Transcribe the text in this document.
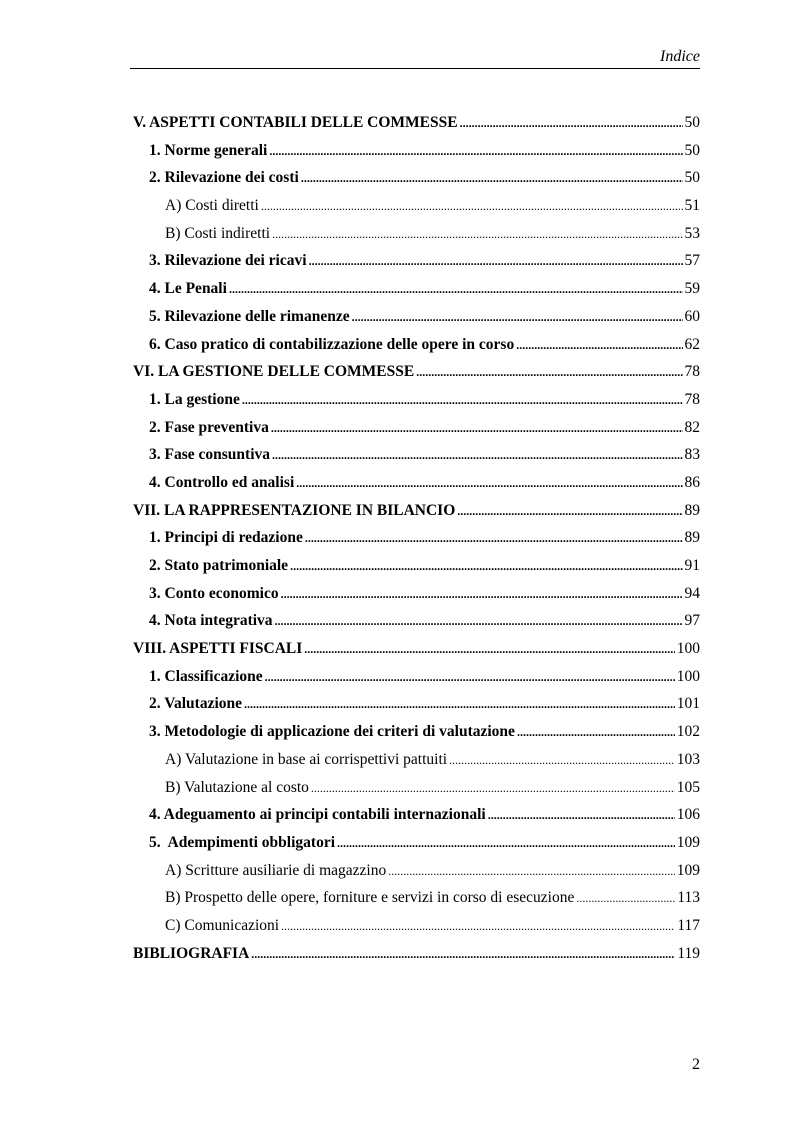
Indice
V. ASPETTI CONTABILI DELLE COMMESSE . . .	50
1. Norme generali . . .	50
2. Rilevazione dei costi . . .	50
A) Costi diretti . . .	51
B) Costi indiretti . . .	53
3. Rilevazione dei ricavi . . .	57
4. Le Penali . . .	59
5. Rilevazione delle rimanenze . . .	60
6. Caso pratico di contabilizzazione delle opere in corso . . .	62
VI. LA GESTIONE DELLE COMMESSE . . .	78
1. La gestione . . .	78
2. Fase preventiva . . .	82
3. Fase consuntiva . . .	83
4. Controllo ed analisi . . .	86
VII. LA RAPPRESENTAZIONE IN BILANCIO . . .	89
1. Principi di redazione . . .	89
2. Stato patrimoniale . . .	91
3. Conto economico . . .	94
4. Nota integrativa . . .	97
VIII. ASPETTI FISCALI . . .	100
1. Classificazione . . .	100
2. Valutazione . . .	101
3. Metodologie di applicazione dei criteri di valutazione . . .	102
A) Valutazione in base ai corrispettivi pattuiti . . .	103
B) Valutazione al costo . . .	105
4. Adeguamento ai principi contabili internazionali . . .	106
5.  Adempimenti obbligatori . . .	109
A) Scritture ausiliarie di magazzino . . .	109
B) Prospetto delle opere, forniture e servizi in corso di esecuzione . . .	113
C) Comunicazioni . . .	117
BIBLIOGRAFIA . . .	119
2
